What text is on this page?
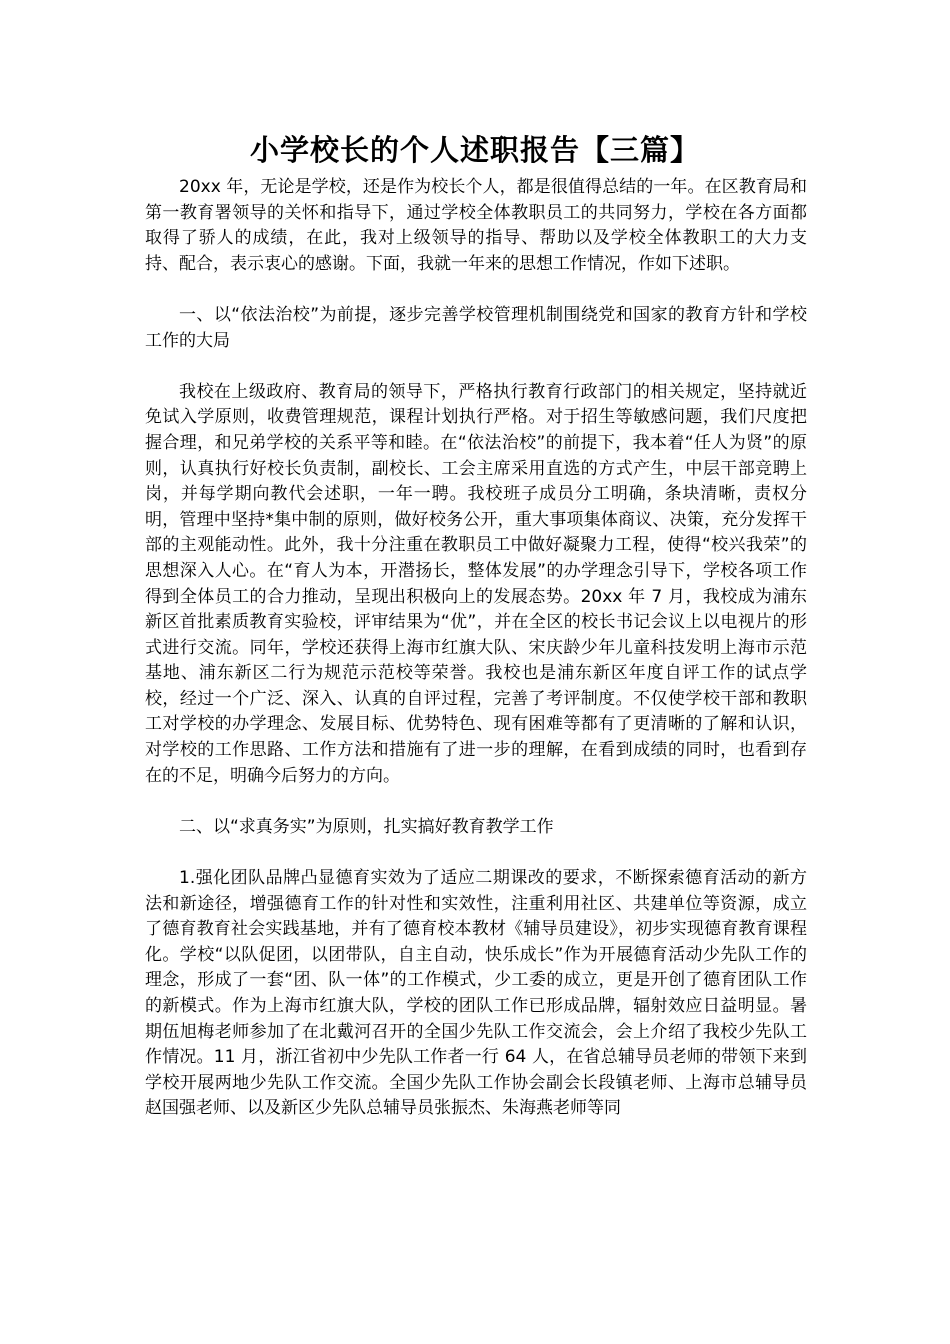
小学校长的个人述职报告【三篇】

20xx 年，无论是学校，还是作为校长个人，都是很值得总结的一年。在区教育局和第一教育署领导的关怀和指导下，通过学校全体教职员工的共同努力，学校在各方面都取得了骄人的成绩，在此，我对上级领导的指导、帮助以及学校全体教职工的大力支持、配合，表示衷心的感谢。下面，我就一年来的思想工作情况，作如下述职。

一、以“依法治校”为前提，逐步完善学校管理机制围绕党和国家的教育方针和学校工作的大局

我校在上级政府、教育局的领导下，严格执行教育行政部门的相关规定，坚持就近免试入学原则，收费管理规范，课程计划执行严格。对于招生等敏感问题，我们尺度把握合理，和兄弟学校的关系平等和睦。在“依法治校”的前提下，我本着“任人为贤”的原则，认真执行好校长负责制，副校长、工会主席采用直选的方式产生，中层干部竞聘上岗，并每学期向教代会述职，一年一聘。我校班子成员分工明确，条块清晰，责权分明，管理中坚持*集中制的原则，做好校务公开，重大事项集体商议、决策，充分发挥干部的主观能动性。此外，我十分注重在教职员工中做好凝聚力工程，使得“校兴我荣”的思想深入人心。在“育人为本，开潜扬长，整体发展”的办学理念引导下，学校各项工作得到全体员工的合力推动，呈现出积极向上的发展态势。20xx 年 7 月，我校成为浦东新区首批素质教育实验校，评审结果为“优”，并在全区的校长书记会议上以电视片的形式进行交流。同年，学校还获得上海市红旗大队、宋庆龄少年儿童科技发明上海市示范基地、浦东新区二行为规范示范校等荣誉。我校也是浦东新区年度自评工作的试点学校，经过一个广泛、深入、认真的自评过程，完善了考评制度。不仅使学校干部和教职工对学校的办学理念、发展目标、优势特色、现有困难等都有了更清晰的了解和认识，对学校的工作思路、工作方法和措施有了进一步的理解，在看到成绩的同时，也看到存在的不足，明确今后努力的方向。

二、以“求真务实”为原则，扎实搞好教育教学工作

1.强化团队品牌凸显德育实效为了适应二期课改的要求，不断探索德育活动的新方法和新途径，增强德育工作的针对性和实效性，注重利用社区、共建单位等资源，成立了德育教育社会实践基地，并有了德育校本教材《辅导员建设》，初步实现德育教育课程化。学校“以队促团，以团带队，自主自动，快乐成长”作为开展德育活动少先队工作的理念，形成了一套“团、队一体”的工作模式，少工委的成立，更是开创了德育团队工作的新模式。作为上海市红旗大队，学校的团队工作已形成品牌，辐射效应日益明显。暑期伍旭梅老师参加了在北戴河召开的全国少先队工作交流会，会上介绍了我校少先队工作情况。11 月，浙江省初中少先队工作者一行 64 人，在省总辅导员老师的带领下来到学校开展两地少先队工作交流。全国少先队工作协会副会长段镇老师、上海市总辅导员赵国强老师、以及新区少先队总辅导员张振杰、朱海燕老师等同
